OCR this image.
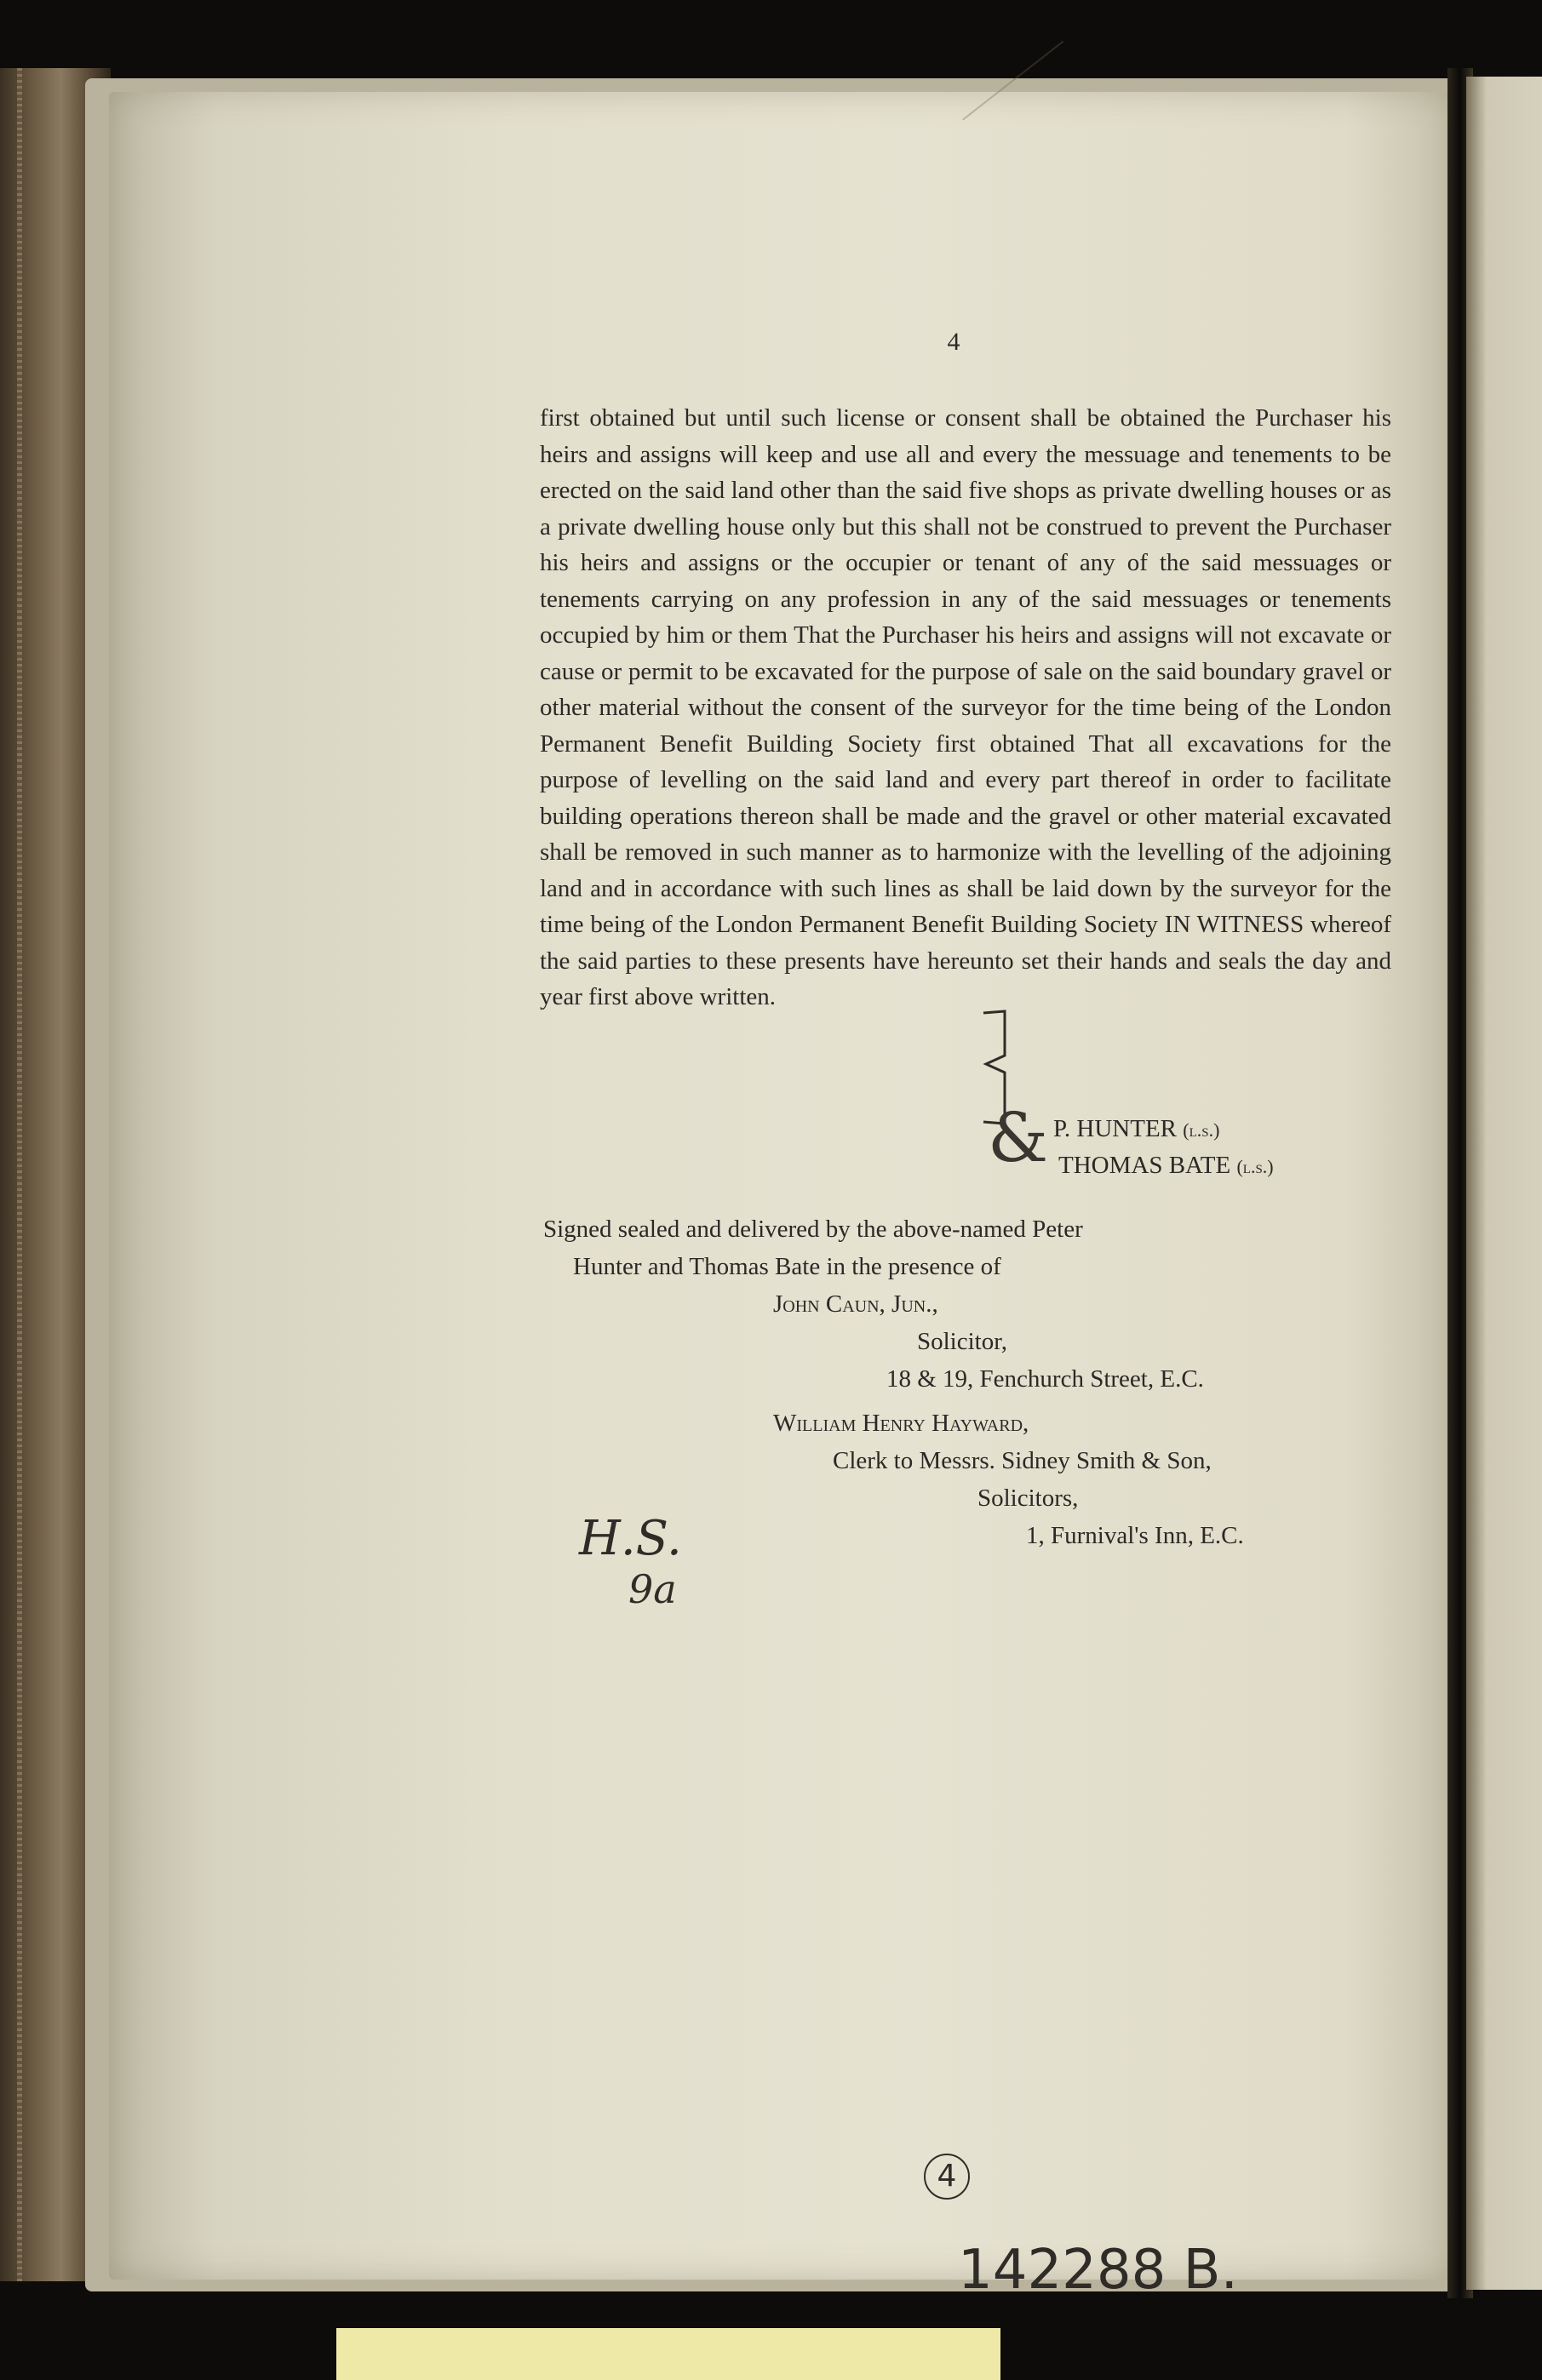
4

first obtained but until such license or consent shall be obtained the Purchaser his heirs and assigns will keep and use all and every the messuage and tenements to be erected on the said land other than the said five shops as private dwelling houses or as a private dwelling house only but this shall not be construed to prevent the Purchaser his heirs and assigns or the occupier or tenant of any of the said messuages or tenements carrying on any profession in any of the said messuages or tenements occupied by him or them That the Purchaser his heirs and assigns will not excavate or cause or permit to be excavated for the purpose of sale on the said boundary gravel or other material without the consent of the surveyor for the time being of the London Permanent Benefit Building Society first obtained That all excavations for the purpose of levelling on the said land and every part thereof in order to facilitate building operations thereon shall be made and the gravel or other material excavated shall be removed in such manner as to harmonize with the levelling of the adjoining land and in accordance with such lines as shall be laid down by the surveyor for the time being of the London Permanent Benefit Building Society IN WITNESS whereof the said parties to these presents have hereunto set their hands and seals the day and year first above written.

& P. HUNTER (l.s.)
THOMAS BATE (l.s.)
Signed sealed and delivered by the above-named Peter
Hunter and Thomas Bate in the presence of
John Caun, Jun.,
Solicitor,
18 & 19, Fenchurch Street, E.C.
William Henry Hayward,
Clerk to Messrs. Sidney Smith & Son,
Solicitors,
1, Furnival's Inn, E.C.
H.S.
9a
4
142288 B.
